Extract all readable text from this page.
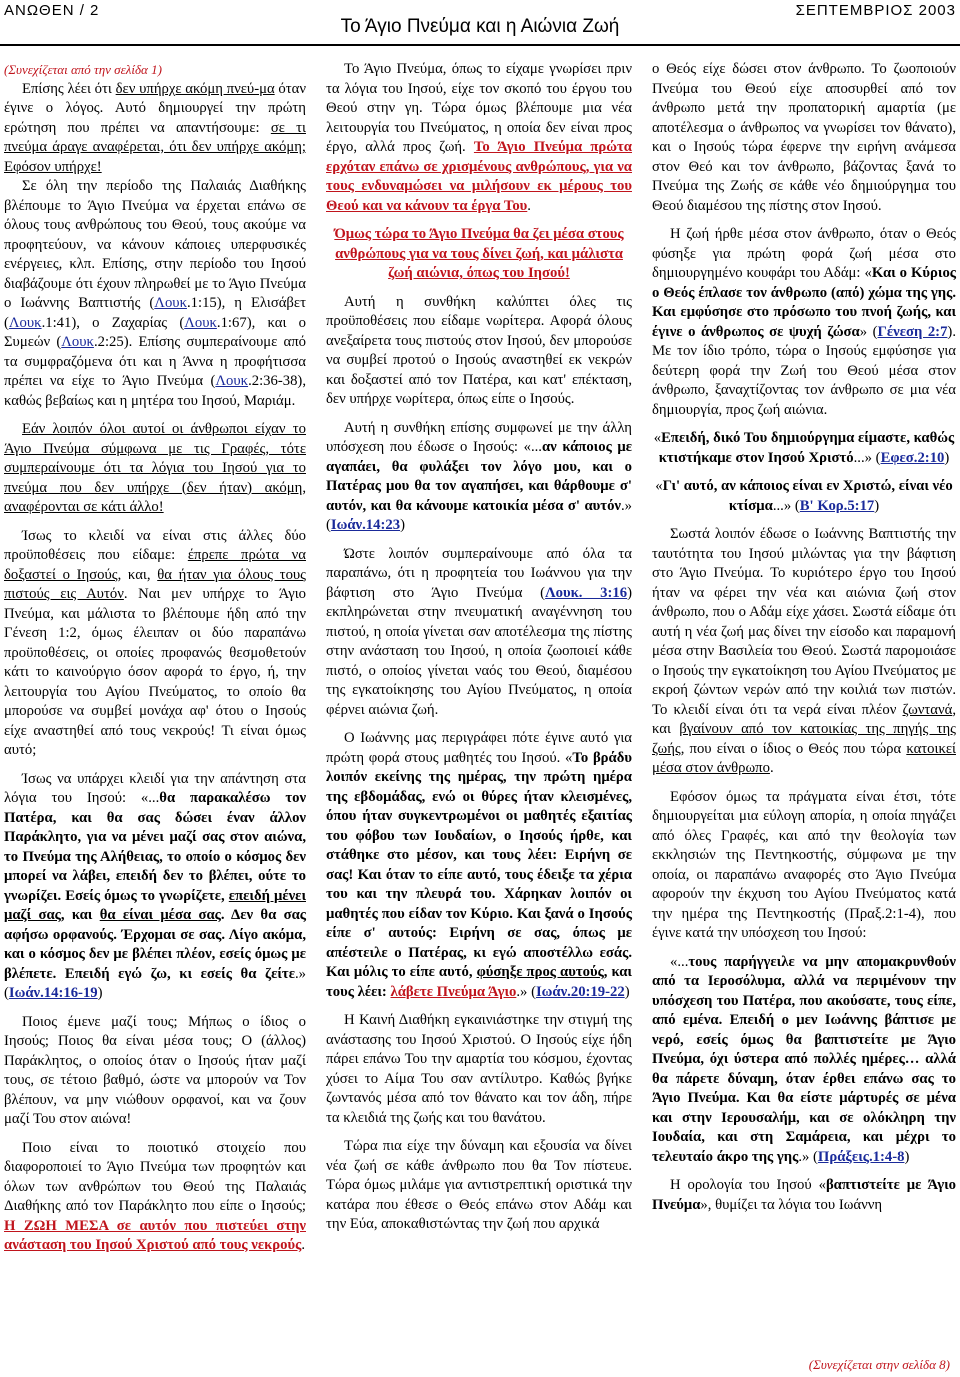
ΑΝΩΘΕΝ / 2
Το Άγιο Πνεύμα και η Αιώνια Ζωή
ΣΕΠΤΕΜΒΡΙΟΣ 2003

(Συνεχίζεται από την σελίδα 1)

Επίσης λέει ότι δεν υπήρχε ακόμη πνεύ-μα όταν έγινε ο λόγος. Αυτό δημιουργεί την πρώτη ερώτηση που πρέπει να απαντήσουμε: σε τι πνεύμα άραγε αναφέρεται, ότι δεν υπήρχε ακόμη; Εφόσον υπήρχε!

Σε όλη την περίοδο της Παλαιάς Διαθήκης βλέπουμε το Άγιο Πνεύμα να έρχεται επάνω σε όλους τους ανθρώπους του Θεού, τους ακούμε να προφητεύουν, να κάνουν κάποιες υπερφυσικές ενέργειες, κλπ. Επίσης, στην περίοδο του Ιησού διαβάζουμε ότι έχουν πληρωθεί με το Άγιο Πνεύμα ο Ιωάννης Βαπτιστής (Λουκ.1:15), η Ελισάβετ (Λουκ.1:41), ο Ζαχαρίας (Λουκ.1:67), και ο Συμεών (Λουκ.2:25). Επίσης συμπεραίνουμε από τα συμφραζόμενα ότι και η Άννα η προφήτισσα πρέπει να είχε το Άγιο Πνεύμα (Λουκ.2:36-38), καθώς βεβαίως και η μητέρα του Ιησού, Μαριάμ.

Εάν λοιπόν όλοι αυτοί οι άνθρωποι είχαν το Άγιο Πνεύμα σύμφωνα με τις Γραφές, τότε συμπεραίνουμε ότι τα λόγια του Ιησού για το πνεύμα που δεν υπήρχε (δεν ήταν) ακόμη, αναφέρονται σε κάτι άλλο!

Ίσως το κλειδί να είναι στις άλλες δύο προϋποθέσεις που είδαμε: έπρεπε πρώτα να δοξαστεί ο Ιησούς, και, θα ήταν για όλους τους πιστούς εις Αυτόν. Ναι μεν υπήρχε το Άγιο Πνεύμα, και μάλιστα το βλέπουμε ήδη από την Γένεση 1:2, όμως έλειπαν οι δύο παραπάνω προϋποθέσεις, οι οποίες προφανώς θεσμοθετούν κάτι το καινούργιο όσον αφορά το έργο, ή, την λειτουργία του Αγίου Πνεύματος, το οποίο θα μπορούσε να συμβεί μονάχα αφ' ότου ο Ιησούς είχε αναστηθεί από τους νεκρούς! Τι είναι όμως αυτό;

Ίσως να υπάρχει κλειδί για την απάντηση στα λόγια του Ιησού: «...θα παρακαλέσω τον Πατέρα, και θα σας δώσει έναν άλλον Παράκλητο, για να μένει μαζί σας στον αιώνα, το Πνεύμα της Αλήθειας, το οποίο ο κόσμος δεν μπορεί να λάβει, επειδή δεν το βλέπει, ούτε το γνωρίζει. Εσείς όμως το γνωρίζετε, επειδή μένει μαζί σας, και θα είναι μέσα σας. Δεν θα σας αφήσω ορφανούς. Έρχομαι σε σας. Λίγο ακόμα, και ο κόσμος δεν με βλέπει πλέον, εσείς όμως με βλέπετε. Επειδή εγώ ζω, κι εσείς θα ζείτε.» (Ιωάν.14:16-19)

Ποιος έμενε μαζί τους; Μήπως ο ίδιος ο Ιησούς; Ποιος θα είναι μέσα τους; Ο (άλλος) Παράκλητος, ο οποίος όταν ο Ιησούς ήταν μαζί τους, σε τέτοιο βαθμό, ώστε να μπορούν να Τον βλέπουν, να μην νιώθουν ορφανοί, και να ζουν μαζί Του στον αιώνα!

Ποιο είναι το ποιοτικό στοιχείο που διαφοροποιεί το Άγιο Πνεύμα των προφητών και όλων των ανθρώπων του Θεού της Παλαιάς Διαθήκης από τον Παράκλητο που είπε ο Ιησούς; Η ΖΩΗ ΜΕΣΑ σε αυτόν που πιστεύει στην ανάσταση του Ιησού Χριστού από τους νεκρούς.

Το Άγιο Πνεύμα, όπως το είχαμε γνωρίσει πριν τα λόγια του Ιησού, είχε τον σκοπό του έργου του Θεού στην γη. Τώρα όμως βλέπουμε μια νέα λειτουργία του Πνεύματος, η οποία δεν είναι προς έργο, αλλά προς ζωή. Το Άγιο Πνεύμα πρώτα ερχόταν επάνω σε χρισμένους ανθρώπους, για να τους ενδυναμώσει να μιλήσουν εκ μέρους του Θεού και να κάνουν τα έργα Του.

Όμως τώρα το Άγιο Πνεύμα θα ζει μέσα στους ανθρώπους για να τους δίνει ζωή, και μάλιστα ζωή αιώνια, όπως του Ιησού!

Αυτή η συνθήκη καλύπτει όλες τις προϋποθέσεις που είδαμε νωρίτερα. Αφορά όλους ανεξαίρετα τους πιστούς στον Ιησού, δεν μπορούσε να συμβεί προτού ο Ιησούς αναστηθεί εκ νεκρών και δοξαστεί από τον Πατέρα, και κατ' επέκταση, δεν υπήρχε νωρίτερα, όπως είπε ο Ιησούς.

Αυτή η συνθήκη επίσης συμφωνεί με την άλλη υπόσχεση που έδωσε ο Ιησούς: «...αν κάποιος με αγαπάει, θα φυλάξει τον λόγο μου, και ο Πατέρας μου θα τον αγαπήσει, και θάρθουμε σ' αυτόν, και θα κάνουμε κατοικία μέσα σ' αυτόν.» (Ιωάν.14:23)

Ώστε λοιπόν συμπεραίνουμε από όλα τα παραπάνω, ότι η προφητεία του Ιωάννου για την βάφτιση στο Άγιο Πνεύμα (Λουκ. 3:16) εκπληρώνεται στην πνευματική αναγέννηση του πιστού, η οποία γίνεται σαν αποτέλεσμα της πίστης στην ανάσταση του Ιησού, η οποία ζωοποιεί κάθε πιστό, ο οποίος γίνεται ναός του Θεού, διαμέσου της εγκατοίκησης του Αγίου Πνεύματος, η οποία φέρνει αιώνια ζωή.

Ο Ιωάννης μας περιγράφει πότε έγινε αυτό για πρώτη φορά στους μαθητές του Ιησού. «Το βράδυ λοιπόν εκείνης της ημέρας, την πρώτη ημέρα της εβδομάδας, ενώ οι θύρες ήταν κλεισμένες, όπου ήταν συγκεντρωμένοι οι μαθητές εξαιτίας του φόβου των Ιουδαίων, ο Ιησούς ήρθε, και στάθηκε στο μέσον, και τους λέει: Ειρήνη σε σας! Και όταν το είπε αυτό, τους έδειξε τα χέρια του και την πλευρά του. Χάρηκαν λοιπόν οι μαθητές που είδαν τον Κύριο. Και ξανά ο Ιησούς είπε σ' αυτούς: Ειρήνη σε σας, όπως με απέστειλε ο Πατέρας, κι εγώ αποστέλλω εσάς. Και μόλις το είπε αυτό, φύσηξε προς αυτούς, και τους λέει: λάβετε Πνεύμα Άγιο.» (Ιωάν.20:19-22)

Η Καινή Διαθήκη εγκαινιάστηκε την στιγμή της ανάστασης του Ιησού Χριστού. Ο Ιησούς είχε ήδη πάρει επάνω Του την αμαρτία του κόσμου, έχοντας χύσει το Αίμα Του σαν αντίλυτρο. Καθώς βγήκε ζωντανός μέσα από τον θάνατο και τον άδη, πήρε τα κλειδιά της ζωής και του θανάτου.

Τώρα πια είχε την δύναμη και εξουσία να δίνει νέα ζωή σε κάθε άνθρωπο που θα Τον πίστευε. Τώρα όμως μιλάμε για αντιστρεπτική οριστικά την κατάρα που έθεσε ο Θεός επάνω στον Αδάμ και την Εύα, αποκαθιστώντας την ζωή που αρχικά

ο Θεός είχε δώσει στον άνθρωπο. Το ζωοποιούν Πνεύμα του Θεού είχε αποσυρθεί από τον άνθρωπο μετά την προπατορική αμαρτία (με αποτέλεσμα ο άνθρωπος να γνωρίσει τον θάνατο), και ο Ιησούς τώρα έφερνε την ειρήνη ανάμεσα στον Θεό και τον άνθρωπο, βάζοντας ξανά το Πνεύμα της Ζωής σε κάθε νέο δημιούργημα του Θεού διαμέσου της πίστης στον Ιησού.

Η ζωή ήρθε μέσα στον άνθρωπο, όταν ο Θεός φύσηξε για πρώτη φορά ζωή μέσα στο δημιουργημένο κουφάρι του Αδάμ: «Και ο Κύριος ο Θεός έπλασε τον άνθρωπο (από) χώμα της γης. Και εμφύσησε στο πρόσωπο του πνοή ζωής, και έγινε ο άνθρωπος σε ψυχή ζώσα» (Γένεση 2:7). Με τον ίδιο τρόπο, τώρα ο Ιησούς εμφύσησε για δεύτερη φορά την Ζωή του Θεού μέσα στον άνθρωπο, ξαναχτίζοντας τον άνθρωπο σε μια νέα δημιουργία, προς ζωή αιώνια.

«Επειδή, δικό Του δημιούργημα είμαστε, καθώς κτιστήκαμε στον Ιησού Χριστό...» (Εφεσ.2:10)

«Γι' αυτό, αν κάποιος είναι εν Χριστώ, είναι νέο κτίσμα...» (Β' Κορ.5:17)

Σωστά λοιπόν έδωσε ο Ιωάννης Βαπτιστής την ταυτότητα του Ιησού μιλώντας για την βάφτιση στο Άγιο Πνεύμα. Το κυριότερο έργο του Ιησού ήταν να φέρει την νέα και αιώνια ζωή στον άνθρωπο, που ο Αδάμ είχε χάσει. Σωστά είδαμε ότι αυτή η νέα ζωή μας δίνει την είσοδο και παραμονή μέσα στην Βασιλεία του Θεού. Σωστά παρομοιάσε ο Ιησούς την εγκατοίκηση του Αγίου Πνεύματος με εκροή ζώντων νερών από την κοιλιά των πιστών. Το κλειδί είναι ότι τα νερά είναι πλέον ζωντανά, και βγαίνουν από τον κατοικίας της πηγής της ζωής, που είναι ο ίδιος ο Θεός που τώρα κατοικεί μέσα στον άνθρωπο.

Εφόσον όμως τα πράγματα είναι έτσι, τότε δημιουργείται μια εύλογη απορία, η οποία πηγάζει από όλες Γραφές, και από την θεολογία των εκκλησιών της Πεντηκοστής, σύμφωνα με την οποία, οι παραπάνω αναφορές στο Άγιο Πνεύμα αφορούν την έκχυση του Αγίου Πνεύματος κατά την ημέρα της Πεντηκοστής (Πραξ.2:1-4), που έγινε κατά την υπόσχεση του Ιησού:

«...τους παρήγγειλε να μην απομακρυνθούν από τα Ιεροσόλυμα, αλλά να περιμένουν την υπόσχεση του Πατέρα, που ακούσατε, τους είπε, από εμένα. Επειδή ο μεν Ιωάννης βάπτισε με νερό, εσείς όμως θα βαπτιστείτε με Άγιο Πνεύμα, όχι ύστερα από πολλές ημέρες… αλλά θα πάρετε δύναμη, όταν έρθει επάνω σας το Άγιο Πνεύμα. Και θα είστε μάρτυρές σε μένα και στην Ιερουσαλήμ, και σε ολόκληρη την Ιουδαία, και στη Σαμάρεια, και μέχρι το τελευταίο άκρο της γης.» (Πράξεις.1:4-8)

Η ορολογία του Ιησού «βαπτιστείτε με Άγιο Πνεύμα», θυμίζει τα λόγια του Ιωάννη

(Συνεχίζεται στην σελίδα 8)
